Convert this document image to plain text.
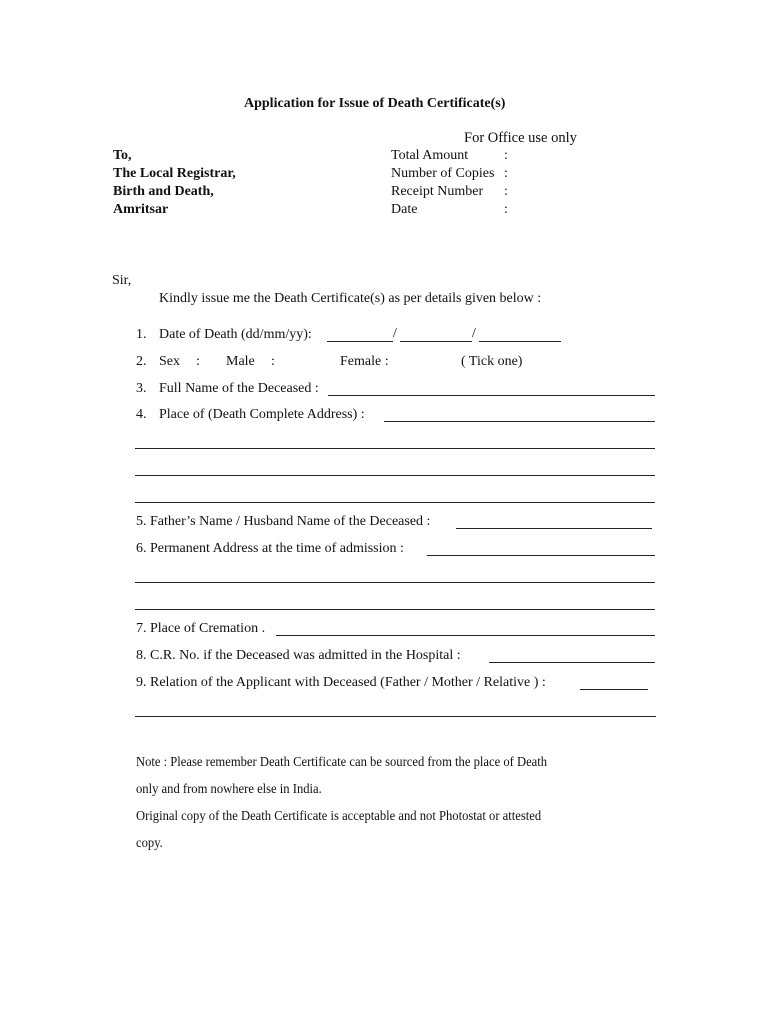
Application for Issue of Death Certificate(s)
For Office use only
Total Amount	:
Number of Copies :
Receipt Number :
Date	:
To,
The Local Registrar,
Birth and Death,
Amritsar
Sir,
Kindly issue me the Death Certificate(s) as per details given below :
1. Date of Death (dd/mm/yy):	/	/
2. Sex : Male :	Female :	( Tick one)
3. Full Name of the Deceased :
4. Place of (Death Complete Address) :
5. Father’s Name / Husband Name of the Deceased :
6. Permanent Address at the time of admission :
7. Place of Cremation .
8. C.R. No. if the Deceased was admitted in the Hospital :
9. Relation of the Applicant with Deceased (Father / Mother / Relative ) :
Note : Please remember Death Certificate can be sourced from the place of Death
only and from nowhere else in India.
Original copy of the Death Certificate is acceptable and not Photostat or attested
copy.
